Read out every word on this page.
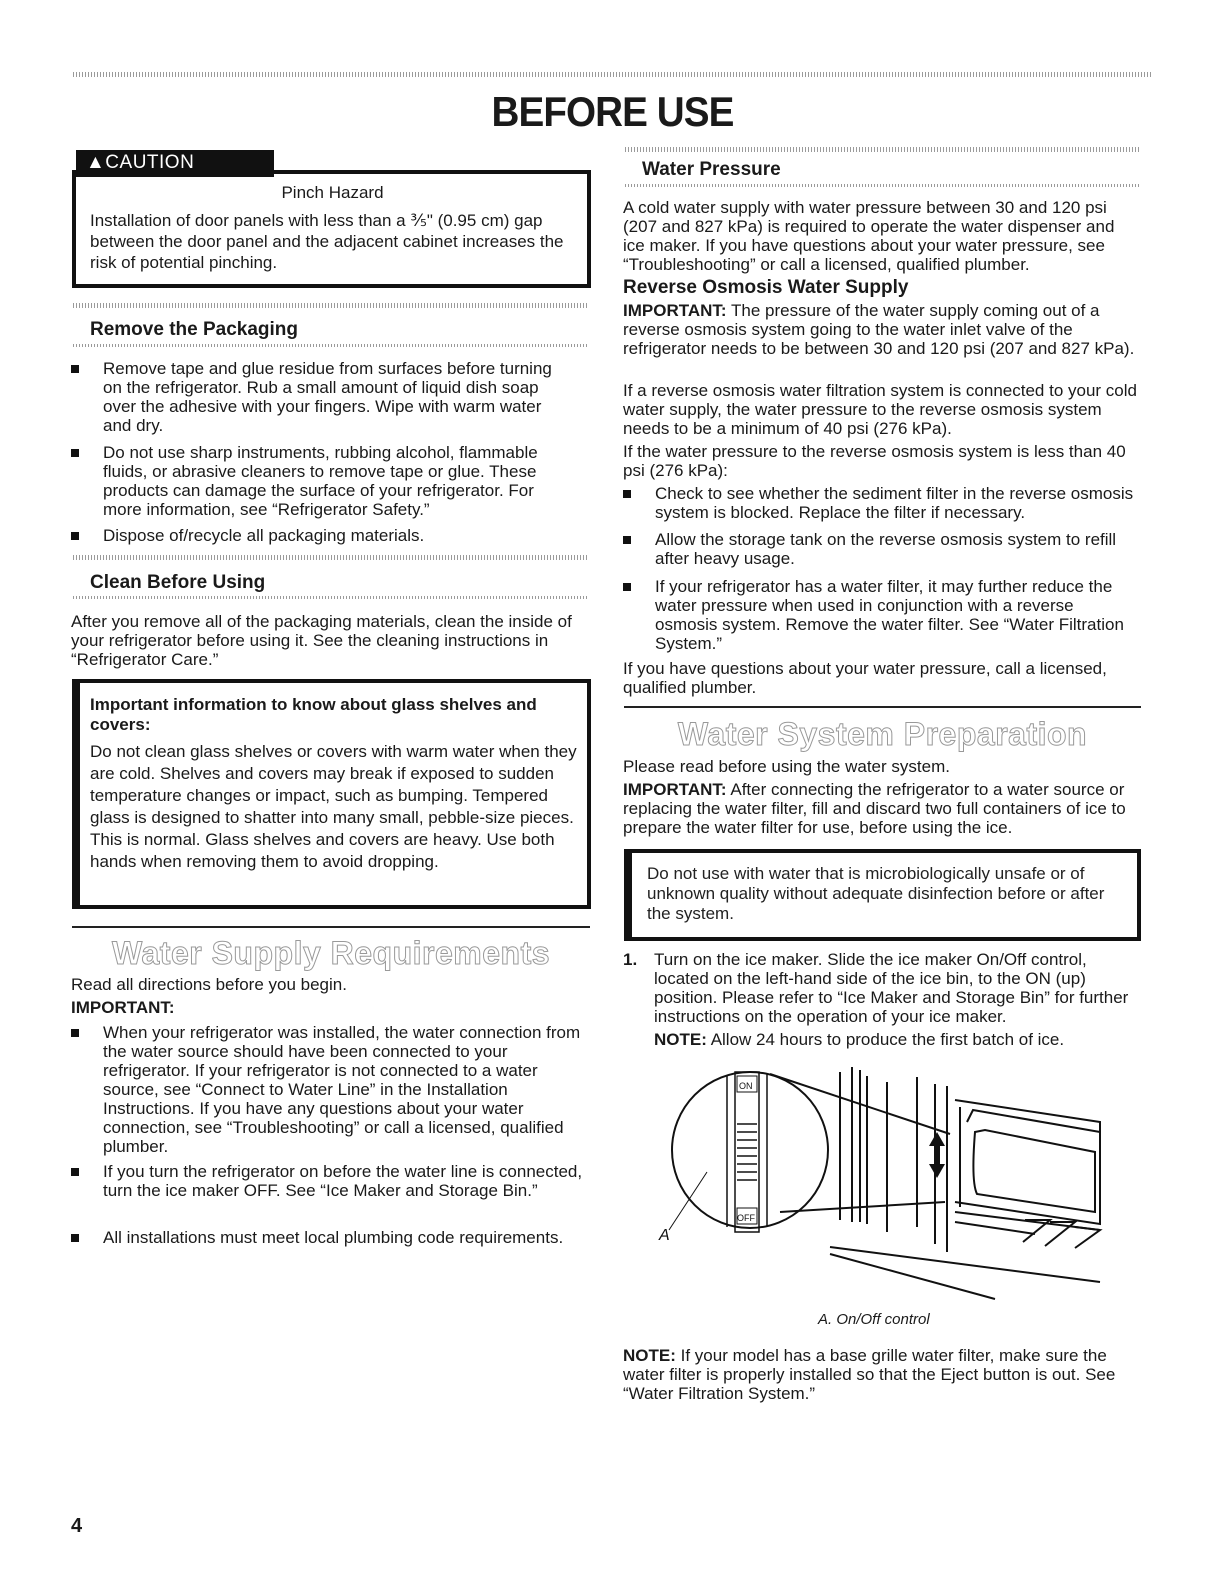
BEFORE USE
▲CAUTION
Pinch Hazard
Installation of door panels with less than a ⅗" (0.95 cm) gap between the door panel and the adjacent cabinet increases the risk of potential pinching.
Remove the Packaging
Remove tape and glue residue from surfaces before turning on the refrigerator. Rub a small amount of liquid dish soap over the adhesive with your fingers. Wipe with warm water and dry.
Do not use sharp instruments, rubbing alcohol, flammable fluids, or abrasive cleaners to remove tape or glue. These products can damage the surface of your refrigerator. For more information, see “Refrigerator Safety.”
Dispose of/recycle all packaging materials.
Clean Before Using
After you remove all of the packaging materials, clean the inside of your refrigerator before using it. See the cleaning instructions in “Refrigerator Care.”
Important information to know about glass shelves and covers:
Do not clean glass shelves or covers with warm water when they are cold. Shelves and covers may break if exposed to sudden temperature changes or impact, such as bumping. Tempered glass is designed to shatter into many small, pebble-size pieces. This is normal. Glass shelves and covers are heavy. Use both hands when removing them to avoid dropping.
Water Supply Requirements
Read all directions before you begin.
IMPORTANT:
When your refrigerator was installed, the water connection from the water source should have been connected to your refrigerator. If your refrigerator is not connected to a water source, see “Connect to Water Line” in the Installation Instructions. If you have any questions about your water connection, see “Troubleshooting” or call a licensed, qualified plumber.
If you turn the refrigerator on before the water line is connected, turn the ice maker OFF. See “Ice Maker and Storage Bin.”
All installations must meet local plumbing code requirements.
Water Pressure
A cold water supply with water pressure between 30 and 120 psi (207 and 827 kPa) is required to operate the water dispenser and ice maker. If you have questions about your water pressure, see “Troubleshooting” or call a licensed, qualified plumber.
Reverse Osmosis Water Supply
IMPORTANT: The pressure of the water supply coming out of a reverse osmosis system going to the water inlet valve of the refrigerator needs to be between 30 and 120 psi (207 and 827 kPa).
If a reverse osmosis water filtration system is connected to your cold water supply, the water pressure to the reverse osmosis system needs to be a minimum of 40 psi (276 kPa).
If the water pressure to the reverse osmosis system is less than 40 psi (276 kPa):
Check to see whether the sediment filter in the reverse osmosis system is blocked. Replace the filter if necessary.
Allow the storage tank on the reverse osmosis system to refill after heavy usage.
If your refrigerator has a water filter, it may further reduce the water pressure when used in conjunction with a reverse osmosis system. Remove the water filter. See “Water Filtration System.”
If you have questions about your water pressure, call a licensed, qualified plumber.
Water System Preparation
Please read before using the water system.
IMPORTANT: After connecting the refrigerator to a water source or replacing the water filter, fill and discard two full containers of ice to prepare the water filter for use, before using the ice.
Do not use with water that is microbiologically unsafe or of unknown quality without adequate disinfection before or after the system.
1. Turn on the ice maker. Slide the ice maker On/Off control, located on the left-hand side of the ice bin, to the ON (up) position. Please refer to “Ice Maker and Storage Bin” for further instructions on the operation of your ice maker.
NOTE: Allow 24 hours to produce the first batch of ice.
ON
OFF
A
A. On/Off control
NOTE: If your model has a base grille water filter, make sure the water filter is properly installed so that the Eject button is out. See “Water Filtration System.”
4
